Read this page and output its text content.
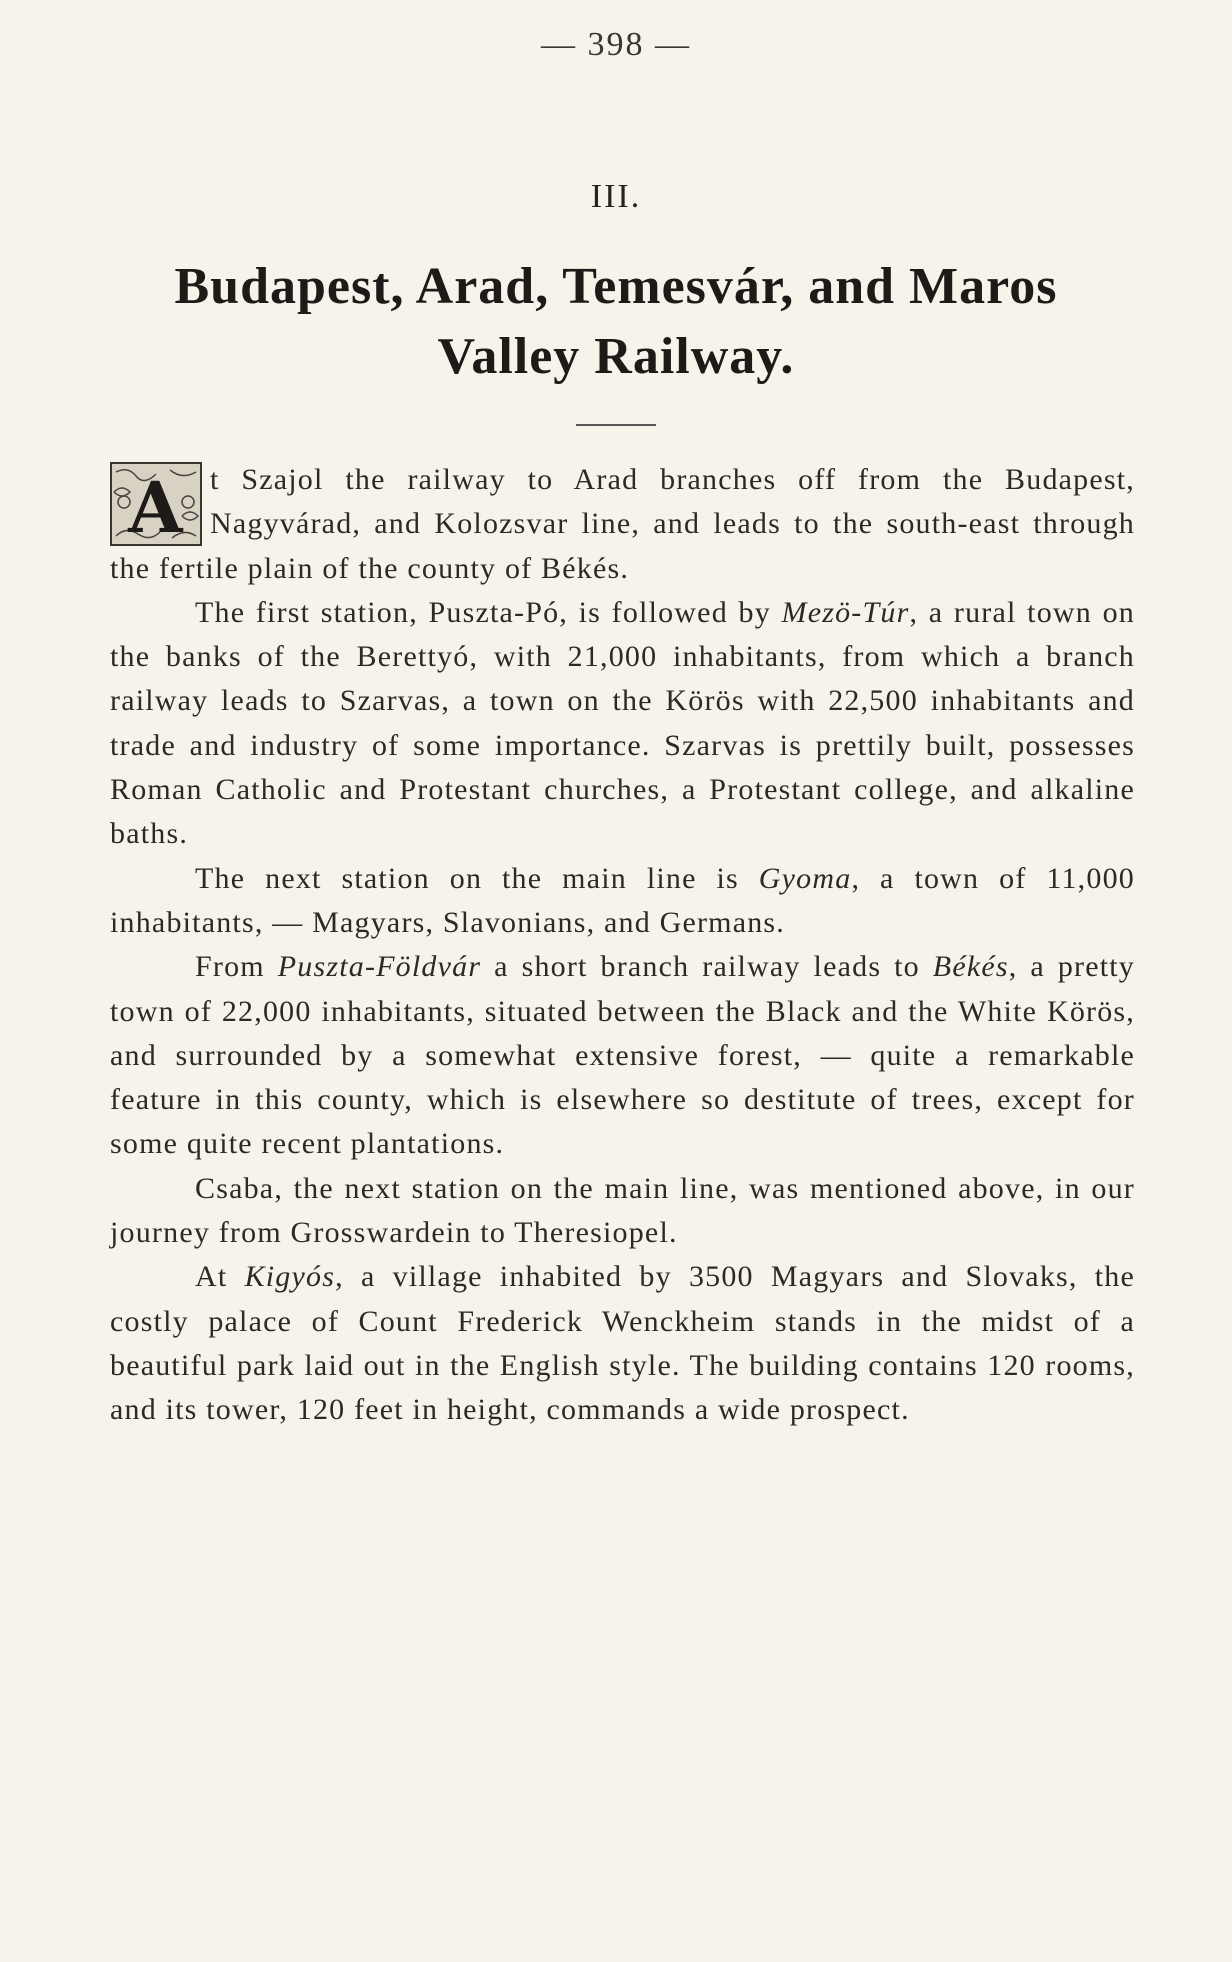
— 398 —
III.
Budapest, Arad, Temesvár, and Maros Valley Railway.

A t Szajol the railway to Arad branches off from the Budapest, Nagyvárad, and Kolozsvar line, and leads to the south-east through the fertile plain of the county of Békés.

The first station, Puszta-Pó, is followed by Mezö-Túr, a rural town on the banks of the Berettyó, with 21,000 inhabitants, from which a branch railway leads to Szarvas, a town on the Körös with 22,500 inhabitants and trade and industry of some importance. Szarvas is prettily built, possesses Roman Catholic and Protestant churches, a Protestant college, and alkaline baths.

The next station on the main line is Gyoma, a town of 11,000 inhabitants, — Magyars, Slavonians, and Germans.

From Puszta-Földvár a short branch railway leads to Békés, a pretty town of 22,000 inhabitants, situated between the Black and the White Körös, and surrounded by a somewhat extensive forest, — quite a remarkable feature in this county, which is elsewhere so destitute of trees, except for some quite recent plantations.

Csaba, the next station on the main line, was mentioned above, in our journey from Grosswardein to Theresiopel.

At Kigyós, a village inhabited by 3500 Magyars and Slovaks, the costly palace of Count Frederick Wenckheim stands in the midst of a beautiful park laid out in the English style. The building contains 120 rooms, and its tower, 120 feet in height, commands a wide prospect.
